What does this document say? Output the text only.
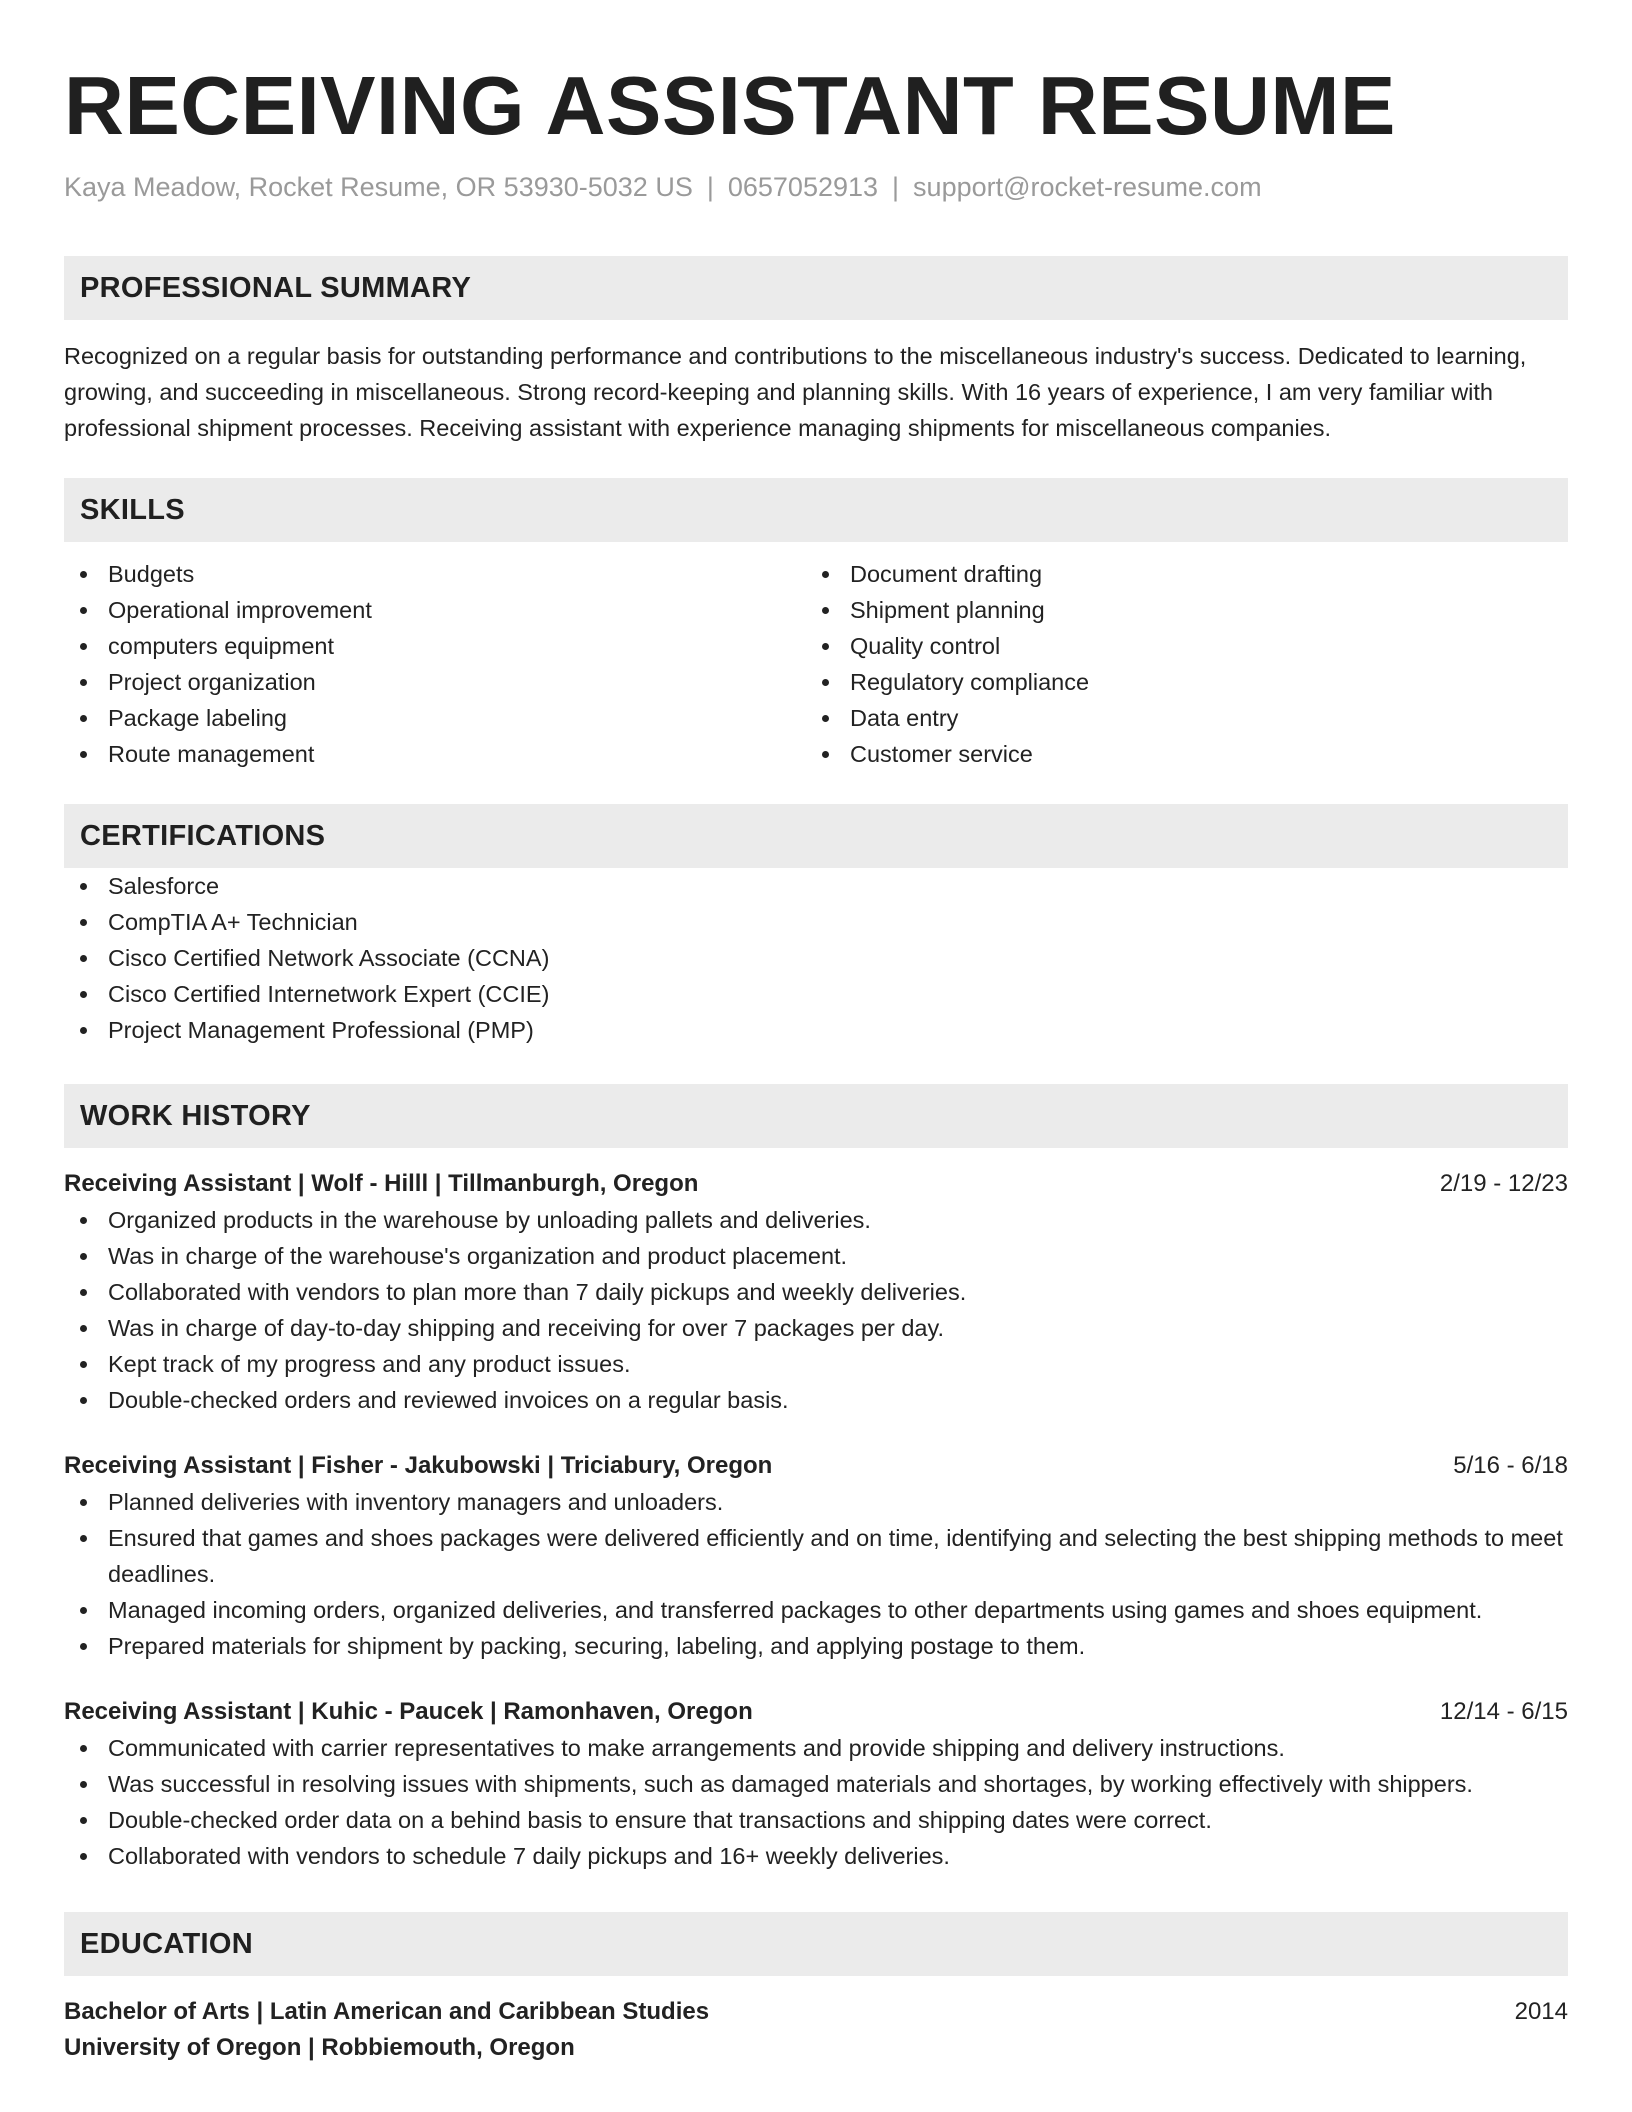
RECEIVING ASSISTANT RESUME
Kaya Meadow, Rocket Resume, OR 53930-5032 US | 0657052913 | support@rocket-resume.com
PROFESSIONAL SUMMARY

Recognized on a regular basis for outstanding performance and contributions to the miscellaneous industry's success. Dedicated to learning, growing, and succeeding in miscellaneous. Strong record-keeping and planning skills. With 16 years of experience, I am very familiar with professional shipment processes. Receiving assistant with experience managing shipments for miscellaneous companies.

SKILLS
Budgets
Operational improvement
computers equipment
Project organization
Package labeling
Route management
Document drafting
Shipment planning
Quality control
Regulatory compliance
Data entry
Customer service
CERTIFICATIONS
Salesforce
CompTIA A+ Technician
Cisco Certified Network Associate (CCNA)
Cisco Certified Internetwork Expert (CCIE)
Project Management Professional (PMP)
WORK HISTORY
Receiving Assistant | Wolf - Hilll | Tillmanburgh, Oregon	2/19 - 12/23
Organized products in the warehouse by unloading pallets and deliveries.
Was in charge of the warehouse's organization and product placement.
Collaborated with vendors to plan more than 7 daily pickups and weekly deliveries.
Was in charge of day-to-day shipping and receiving for over 7 packages per day.
Kept track of my progress and any product issues.
Double-checked orders and reviewed invoices on a regular basis.
Receiving Assistant | Fisher - Jakubowski | Triciabury, Oregon	5/16 - 6/18
Planned deliveries with inventory managers and unloaders.
Ensured that games and shoes packages were delivered efficiently and on time, identifying and selecting the best shipping methods to meet deadlines.
Managed incoming orders, organized deliveries, and transferred packages to other departments using games and shoes equipment.
Prepared materials for shipment by packing, securing, labeling, and applying postage to them.
Receiving Assistant | Kuhic - Paucek | Ramonhaven, Oregon	12/14 - 6/15
Communicated with carrier representatives to make arrangements and provide shipping and delivery instructions.
Was successful in resolving issues with shipments, such as damaged materials and shortages, by working effectively with shippers.
Double-checked order data on a behind basis to ensure that transactions and shipping dates were correct.
Collaborated with vendors to schedule 7 daily pickups and 16+ weekly deliveries.
EDUCATION
Bachelor of Arts | Latin American and Caribbean Studies	2014
University of Oregon | Robbiemouth, Oregon
